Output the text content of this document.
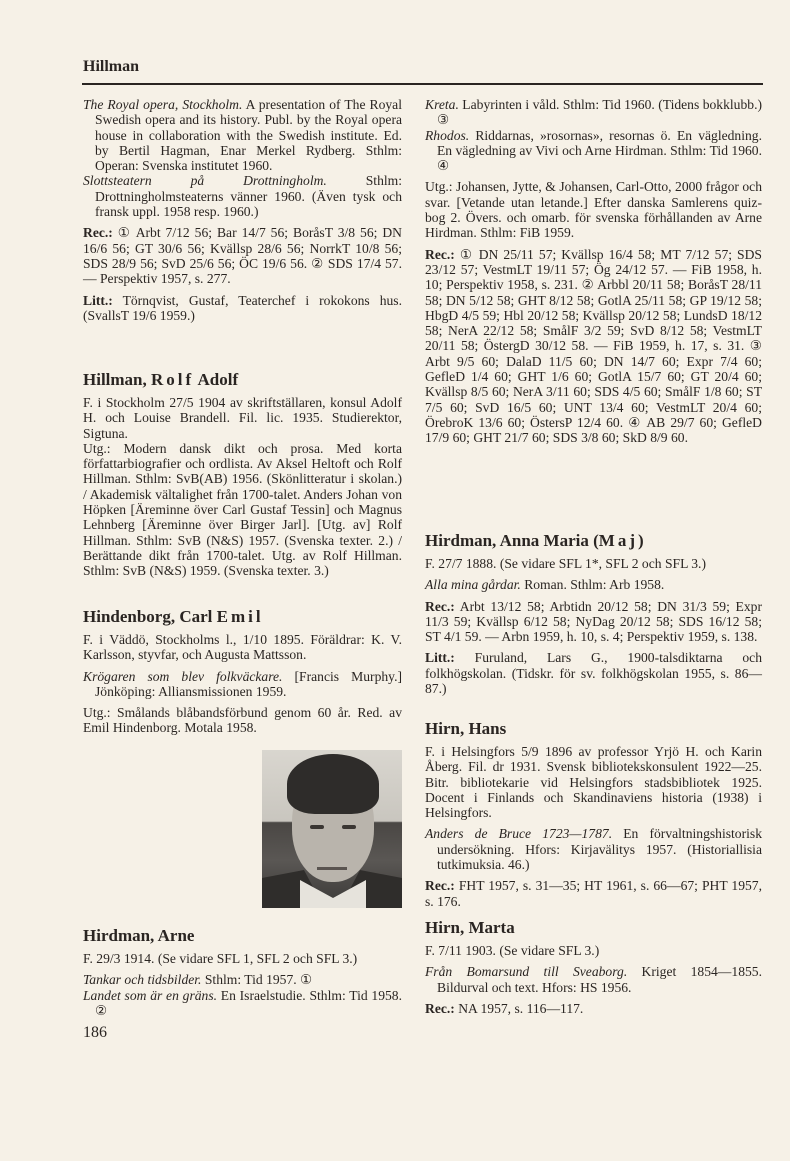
Hillman

The Royal opera, Stockholm. A presentation of The Royal Swedish opera and its history. Publ. by the Royal opera house in collaboration with the Swedish institute. Ed. by Bertil Hagman, Enar Merkel Rydberg. Sthlm: Operan: Svenska institutet 1960.

Slottsteatern på Drottningholm. Sthlm: Drottningholmsteaterns vänner 1960. (Även tysk och fransk uppl. 1958 resp. 1960.)

Rec.: ① Arbt 7/12 56; Bar 14/7 56; BoråsT 3/8 56; DN 16/6 56; GT 30/6 56; Kvällsp 28/6 56; NorrkT 10/8 56; SDS 28/9 56; SvD 25/6 56; ÖC 19/6 56. ② SDS 17/4 57. — Perspektiv 1957, s. 277.

Litt.: Törnqvist, Gustaf, Teaterchef i rokokons hus. (SvallsT 19/6 1959.)

Hillman, Rolf Adolf

F. i Stockholm 27/5 1904 av skriftställaren, konsul Adolf H. och Louise Brandell. Fil. lic. 1935. Studierektor, Sigtuna.

Utg.: Modern dansk dikt och prosa. Med korta författarbiografier och ordlista. Av Aksel Heltoft och Rolf Hillman. Sthlm: SvB(AB) 1956. (Skönlitteratur i skolan.) / Akademisk vältalighet från 1700-talet. Anders Johan von Höpken [Äreminne över Carl Gustaf Tessin] och Magnus Lehnberg [Äreminne över Birger Jarl]. [Utg. av] Rolf Hillman. Sthlm: SvB (N&S) 1957. (Svenska texter. 2.) / Berättande dikt från 1700-talet. Utg. av Rolf Hillman. Sthlm: SvB (N&S) 1959. (Svenska texter. 3.)

Hindenborg, Carl Emil

F. i Väddö, Stockholms l., 1/10 1895. Föräldrar: K. V. Karlsson, styvfar, och Augusta Mattsson.

Krögaren som blev folkväckare. [Francis Murphy.] Jönköping: Alliansmissionen 1959.

Utg.: Smålands blåbandsförbund genom 60 år. Red. av Emil Hindenborg. Motala 1958.

Hirdman, Arne

F. 29/3 1914. (Se vidare SFL 1, SFL 2 och SFL 3.)

Tankar och tidsbilder. Sthlm: Tid 1957. ①

Landet som är en gräns. En Israelstudie. Sthlm: Tid 1958. ②

Kreta. Labyrinten i våld. Sthlm: Tid 1960. (Tidens bokklubb.) ③

Rhodos. Riddarnas, »rosornas», resornas ö. En vägledning. En vägledning av Vivi och Arne Hirdman. Sthlm: Tid 1960. ④

Utg.: Johansen, Jytte, & Johansen, Carl-Otto, 2000 frågor och svar. [Vetande utan letande.] Efter danska Samlerens quiz-bog 2. Övers. och omarb. för svenska förhållanden av Arne Hirdman. Sthlm: FiB 1959.

Rec.: ① DN 25/11 57; Kvällsp 16/4 58; MT 7/12 57; SDS 23/12 57; VestmLT 19/11 57; Ög 24/12 57. — FiB 1958, h. 10; Perspektiv 1958, s. 231. ② Arbbl 20/11 58; BoråsT 28/11 58; DN 5/12 58; GHT 8/12 58; GotlA 25/11 58; GP 19/12 58; HbgD 4/5 59; Hbl 20/12 58; Kvällsp 20/12 58; LundsD 18/12 58; NerA 22/12 58; SmålF 3/2 59; SvD 8/12 58; VestmLT 20/11 58; ÖstergD 30/12 58. — FiB 1959, h. 17, s. 31. ③ Arbt 9/5 60; DalaD 11/5 60; DN 14/7 60; Expr 7/4 60; GefleD 1/4 60; GHT 1/6 60; GotlA 15/7 60; GT 20/4 60; Kvällsp 8/5 60; NerA 3/11 60; SDS 4/5 60; SmålF 1/8 60; ST 7/5 60; SvD 16/5 60; UNT 13/4 60; VestmLT 20/4 60; ÖrebroK 13/6 60; ÖstersP 12/4 60. ④ AB 29/7 60; GefleD 17/9 60; GHT 21/7 60; SDS 3/8 60; SkD 8/9 60.

Hirdman, Anna Maria (Maj)

F. 27/7 1888. (Se vidare SFL 1*, SFL 2 och SFL 3.)

Alla mina gårdar. Roman. Sthlm: Arb 1958.

Rec.: Arbt 13/12 58; Arbtidn 20/12 58; DN 31/3 59; Expr 11/3 59; Kvällsp 6/12 58; NyDag 20/12 58; SDS 16/12 58; ST 4/1 59. — Arbn 1959, h. 10, s. 4; Perspektiv 1959, s. 138.

Litt.: Furuland, Lars G., 1900-talsdiktarna och folkhögskolan. (Tidskr. för sv. folkhögskolan 1955, s. 86—87.)

Hirn, Hans

F. i Helsingfors 5/9 1896 av professor Yrjö H. och Karin Åberg. Fil. dr 1931. Svensk bibliotekskonsulent 1922—25. Bitr. bibliotekarie vid Helsingfors stadsbibliotek 1925. Docent i Finlands och Skandinaviens historia (1938) i Helsingfors.

Anders de Bruce 1723—1787. En förvaltningshistorisk undersökning. Hfors: Kirjavälitys 1957. (Historiallisia tutkimuksia. 46.)

Rec.: FHT 1957, s. 31—35; HT 1961, s. 66—67; PHT 1957, s. 176.

Hirn, Marta

F. 7/11 1903. (Se vidare SFL 3.)

Från Bomarsund till Sveaborg. Kriget 1854—1855. Bildurval och text. Hfors: HS 1956.

Rec.: NA 1957, s. 116—117.

186
